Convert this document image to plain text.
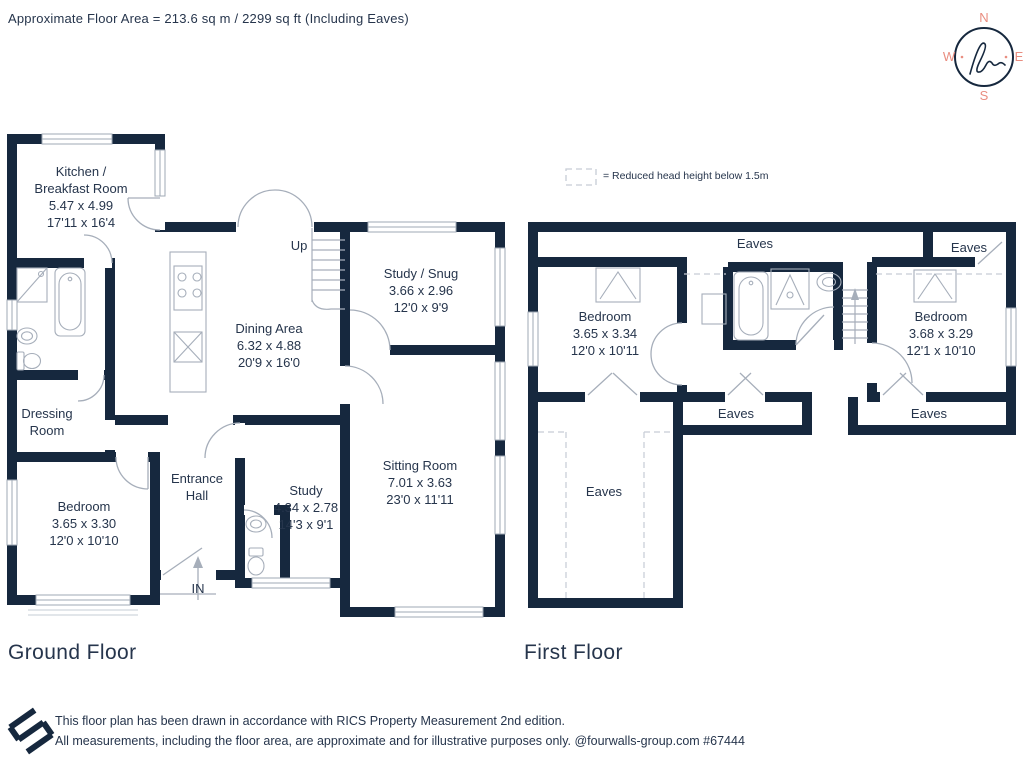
Approximate Floor Area = 213.6 sq m / 2299 sq ft (Including Eaves)	N
W	E
S
= Reduced head height below 1.5m
Kitchen /
Breakfast Room
5.47 x 4.99
17'11 x 16'4
Dining Area
6.32 x 4.88
20'9 x 16'0
Study / Snug
3.66 x 2.96
12'0 x 9'9
Sitting Room
7.01 x 3.63
23'0 x 11'11
Study
4.34 x 2.78
14'3 x 9'1
Entrance
Hall
Dressing
Room
Bedroom
3.65 x 3.30
12'0 x 10'10
Up
IN
Bedroom
3.65 x 3.34
12'0 x 10'11
Bedroom
3.68 x 3.29
12'1 x 10'10
Eaves	Eaves
Eaves	Eaves
Eaves
Ground Floor	First Floor
This floor plan has been drawn in accordance with RICS Property Measurement 2nd edition.
All measurements, including the floor area, are approximate and for illustrative purposes only. @fourwalls-group.com #67444
